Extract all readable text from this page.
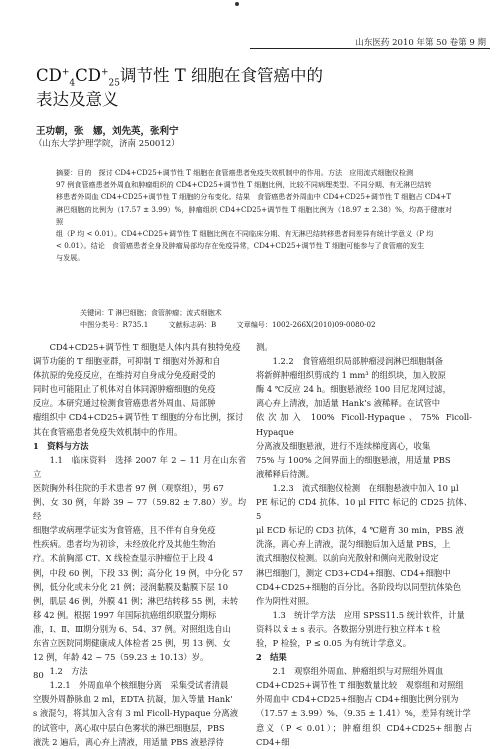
山东医药 2010 年第 50 卷第 9 期
$CD^+_4CD^+_{25}$调节性 T 细胞在食管癌中的
表达及意义
王功朝，张　娜，刘先英，张利宁
（山东大学护理学院，济南 250012）

摘要：目的　探讨 CD4+CD25+调节性 T 细胞在食管癌患者免疫失效机制中的作用。方法　应用流式细胞仪检测

97 例食管癌患者外周血和肿瘤组织的 CD4+CD25+调节性 T 细胞比例，比较不同病理类型、不同分期、有无淋巴结转

移患者外周血 CD4+CD25+调节性 T 细胞的分布变化。结果　食管癌患者外周血中 CD4+CD25+调节性 T 细胞占 CD4+T

淋巴细胞的比例为（17.57 ± 3.99）%，肿瘤组织 CD4+CD25+调节性 T 细胞比例为（18.97 ± 2.38）%，均高于健康对照

组（P 均 < 0.01）。CD4+CD25+调节性 T 细胞比例在不同临床分期、有无淋巴结转移患者间差异有统计学意义（P 均

< 0.01）。结论　食管癌患者全身及肿瘤局部均存在免疫异常，CD4+CD25+调节性 T 细胞可能参与了食管癌的发生

与发展。

关键词：T 淋巴细胞；食管肿瘤；流式细胞术
中图分类号：R735.1	文献标志码：B	文章编号：1002-266X(2010)09-0080-02

CD4+CD25+调节性 T 细胞是人体内具有独特免疫

调节功能的 T 细胞亚群，可抑制 T 细胞对外源和自

体抗原的免疫反应，在维持对自身成分免疫耐受的

同时也可能阻止了机体对自体同源肿瘤细胞的免疫

反应。本研究通过检测食管癌患者外周血、局部肿

瘤组织中 CD4+CD25+调节性 T 细胞的分布比例，探讨

其在食管癌患者免疫失效机制中的作用。

1　资料与方法

1.1　临床资料　选择 2007 年 2 ~ 11 月在山东省立

医院胸外科住院的手术患者 97 例（观察组），男 67

例、女 30 例，年龄 39 ~ 77（59.82 ± 7.80）岁。均经

细胞学或病理学证实为食管癌，且不伴有自身免疫

性疾病。患者均为初诊，未经放化疗及其他生物治

疗。术前胸部 CT、X 线检查显示肿瘤位于上段 4

例，中段 60 例，下段 33 例；高分化 19 例，中分化 57

例，低分化或未分化 21 例；浸润黏膜及黏膜下层 10

例，肌层 46 例，外膜 41 例；淋巴结转移 55 例，未转

移 42 例。根据 1997 年国际抗癌组织联盟分期标

准，Ⅰ、Ⅱ、Ⅲ期分别为 6、54、37 例。对照组选自山

东省立医院同期健康成人体检者 25 例，男 13 例、女

12 例，年龄 42 ~ 75（59.23 ± 10.13）岁。

1.2　方法

1.2.1　外周血单个核细胞分离　采集受试者清晨

空腹外周静脉血 2 ml，EDTA 抗凝，加入等量 Hank’

s 液混匀，将其加入含有 3 ml Ficoll-Hypaque 分离液

的试管中，离心取中层白色雾状的淋巴细胞层，PBS

液洗 2 遍后，离心弃上清液，用适量 PBS 液悬浮待

测。

1.2.2　食管癌组织局部肿瘤浸润淋巴细胞制备

将新鲜肿瘤组织剪成约 1 mm³ 的组织块，加入胶原

酶 4 ℃反应 24 h。细胞悬液经 100 目尼龙网过滤，

离心弃上清液，加适量 Hank’s 液稀释。在试管中

依次加入 100% Ficoll-Hypaque、75% Ficoll-Hypaque

分离液及细胞悬液，进行不连续梯度离心，收集

75% 与 100% 之间界面上的细胞悬液，用适量 PBS

液稀释后待测。

1.2.3　流式细胞仪检测　在细胞悬液中加入 10 μl

PE 标记的 CD4 抗体、10 μl FITC 标记的 CD25 抗体、5

μl ECD 标记的 CD3 抗体，4 ℃避育 30 min，PBS 液

洗涤，离心弃上清液，混匀细胞后加入适量 PBS，上

流式细胞仪检测。以前向光散射和侧向光散射设定

淋巴细胞门，测定 CD3+CD4+细胞、CD4+细胞中

CD4+CD25+细胞的百分比。各阶段均以同型抗体染色

作为阴性对照。

1.3　统计学方法　应用 SPSS11.5 统计软件，计量

资料以 x̄ ± s 表示。各数据分别进行独立样本 t 检

验，P 检验，P ≤ 0.05 为有统计学意义。

2　结果

2.1　观察组外周血、肿瘤组织与对照组外周血

CD4+CD25+调节性 T 细胞数量比较　观察组和对照组

外周血中 CD4+CD25+细胞占 CD4+细胞比例分别为

（17.57 ± 3.99）%、（9.35 ± 1.41）%，差异有统计学

意义（P < 0.01）；肿瘤组织 CD4+CD25+细胞占 CD4+细

80
